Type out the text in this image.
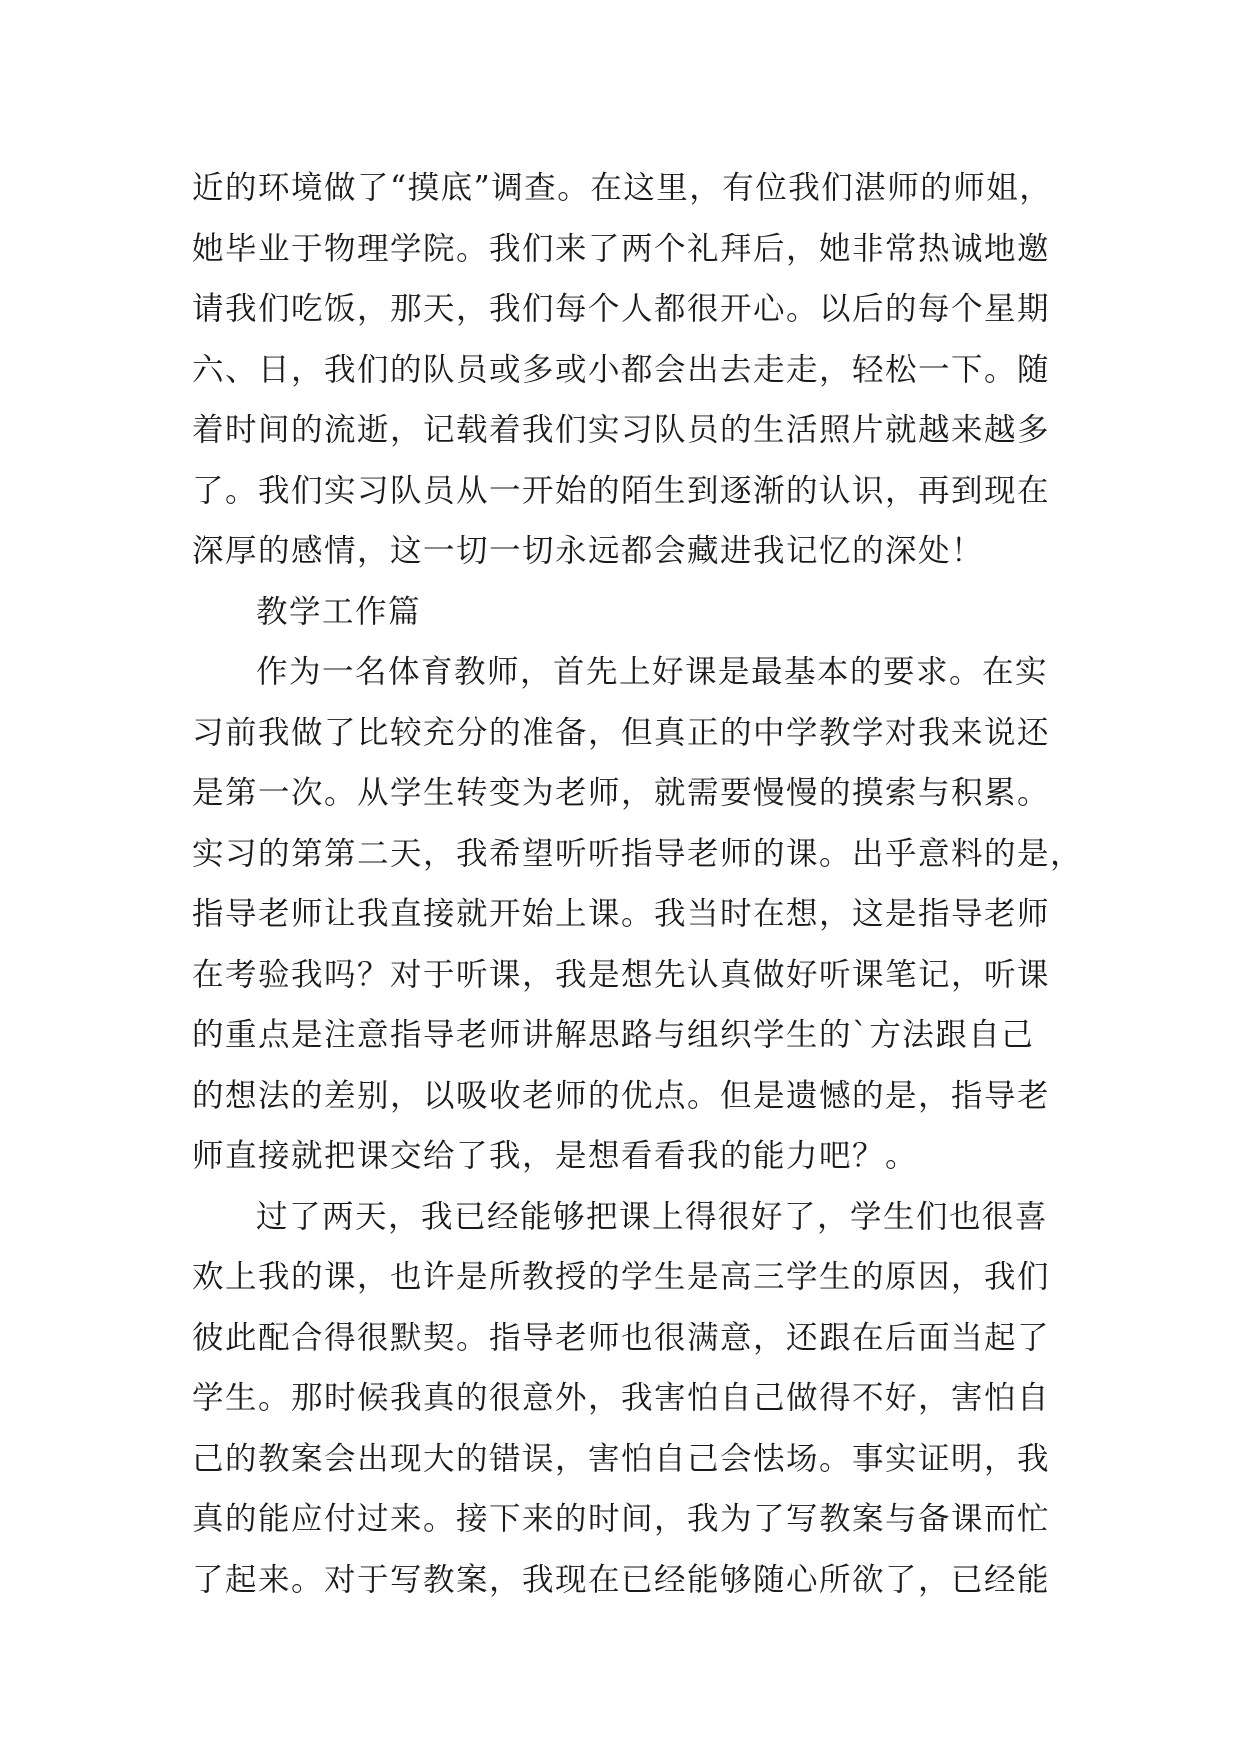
近的环境做了“摸底”调查。在这里，有位我们湛师的师姐，
她毕业于物理学院。我们来了两个礼拜后，她非常热诚地邀
请我们吃饭，那天，我们每个人都很开心。以后的每个星期
六、日，我们的队员或多或小都会出去走走，轻松一下。随
着时间的流逝，记载着我们实习队员的生活照片就越来越多
了。我们实习队员从一开始的陌生到逐渐的认识，再到现在
深厚的感情，这一切一切永远都会藏进我记忆的深处！
教学工作篇
作为一名体育教师，首先上好课是最基本的要求。在实
习前我做了比较充分的准备，但真正的中学教学对我来说还
是第一次。从学生转变为老师，就需要慢慢的摸索与积累。
实习的第第二天，我希望听听指导老师的课。出乎意料的是，
指导老师让我直接就开始上课。我当时在想，这是指导老师
在考验我吗？对于听课，我是想先认真做好听课笔记，听课
的重点是注意指导老师讲解思路与组织学生的`方法跟自己
的想法的差别，以吸收老师的优点。但是遗憾的是，指导老
师直接就把课交给了我，是想看看我的能力吧？。
过了两天，我已经能够把课上得很好了，学生们也很喜
欢上我的课，也许是所教授的学生是高三学生的原因，我们
彼此配合得很默契。指导老师也很满意，还跟在后面当起了
学生。那时候我真的很意外，我害怕自己做得不好，害怕自
己的教案会出现大的错误，害怕自己会怯场。事实证明，我
真的能应付过来。接下来的时间，我为了写教案与备课而忙
了起来。对于写教案，我现在已经能够随心所欲了，已经能
